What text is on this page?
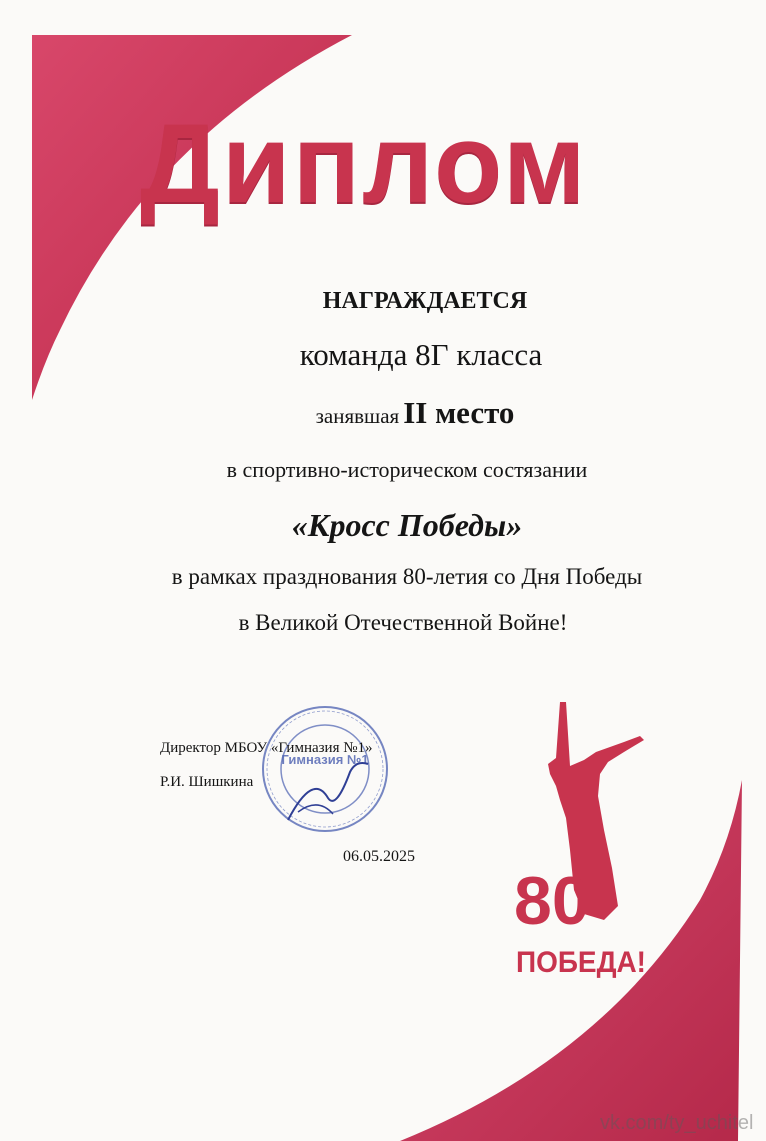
Диплом
НАГРАЖДАЕТСЯ
команда 8Г класса
занявшая II место
в спортивно-историческом состязании
«Кросс Победы»
в рамках празднования 80-летия со Дня Победы
в Великой Отечественной Войне!
Гимназия №1
Директор МБОУ «Гимназия №1»
Р.И. Шишкина
06.05.2025
80
ПОБЕДА!
vk.com/ty_uchitel
